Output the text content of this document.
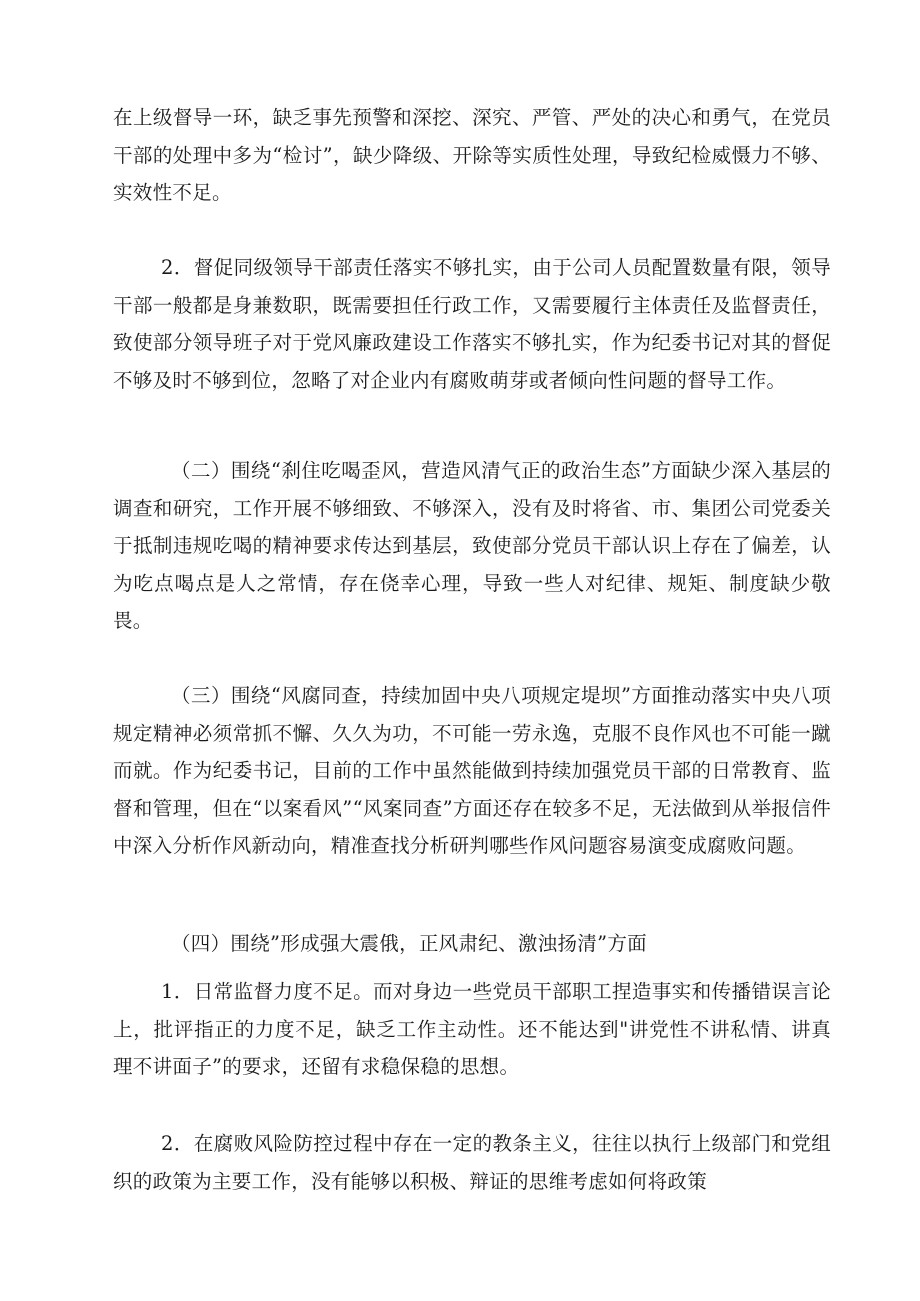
在上级督导一环，缺乏事先预警和深挖、深究、严管、严处的决心和勇气，在党员干部的处理中多为“检讨”，缺少降级、开除等实质性处理，导致纪检威慑力不够、实效性不足。

2．督促同级领导干部责任落实不够扎实，由于公司人员配置数量有限，领导干部一般都是身兼数职，既需要担任行政工作，又需要履行主体责任及监督责任，致使部分领导班子对于党风廉政建设工作落实不够扎实，作为纪委书记对其的督促不够及时不够到位，忽略了对企业内有腐败萌芽或者倾向性问题的督导工作。

（二）围绕“刹住吃喝歪风，营造风清气正的政治生态”方面缺少深入基层的调查和研究，工作开展不够细致、不够深入，没有及时将省、市、集团公司党委关于抵制违规吃喝的精神要求传达到基层，致使部分党员干部认识上存在了偏差，认为吃点喝点是人之常情，存在侥幸心理，导致一些人对纪律、规矩、制度缺少敬畏。

（三）围绕“风腐同查，持续加固中央八项规定堤坝”方面推动落实中央八项规定精神必须常抓不懈、久久为功，不可能一劳永逸，克服不良作风也不可能一蹴而就。作为纪委书记，目前的工作中虽然能做到持续加强党员干部的日常教育、监督和管理，但在“以案看风”“风案同查”方面还存在较多不足，无法做到从举报信件中深入分析作风新动向，精准查找分析研判哪些作风问题容易演变成腐败问题。

（四）围绕”形成强大震俄，正风肃纪、激浊扬清”方面

1．日常监督力度不足。而对身边一些党员干部职工捏造事实和传播错误言论上，批评指正的力度不足，缺乏工作主动性。还不能达到"讲党性不讲私情、讲真理不讲面子”的要求，还留有求稳保稳的思想。

2．在腐败风险防控过程中存在一定的教条主义，往往以执行上级部门和党组织的政策为主要工作，没有能够以积极、辩证的思维考虑如何将政策
